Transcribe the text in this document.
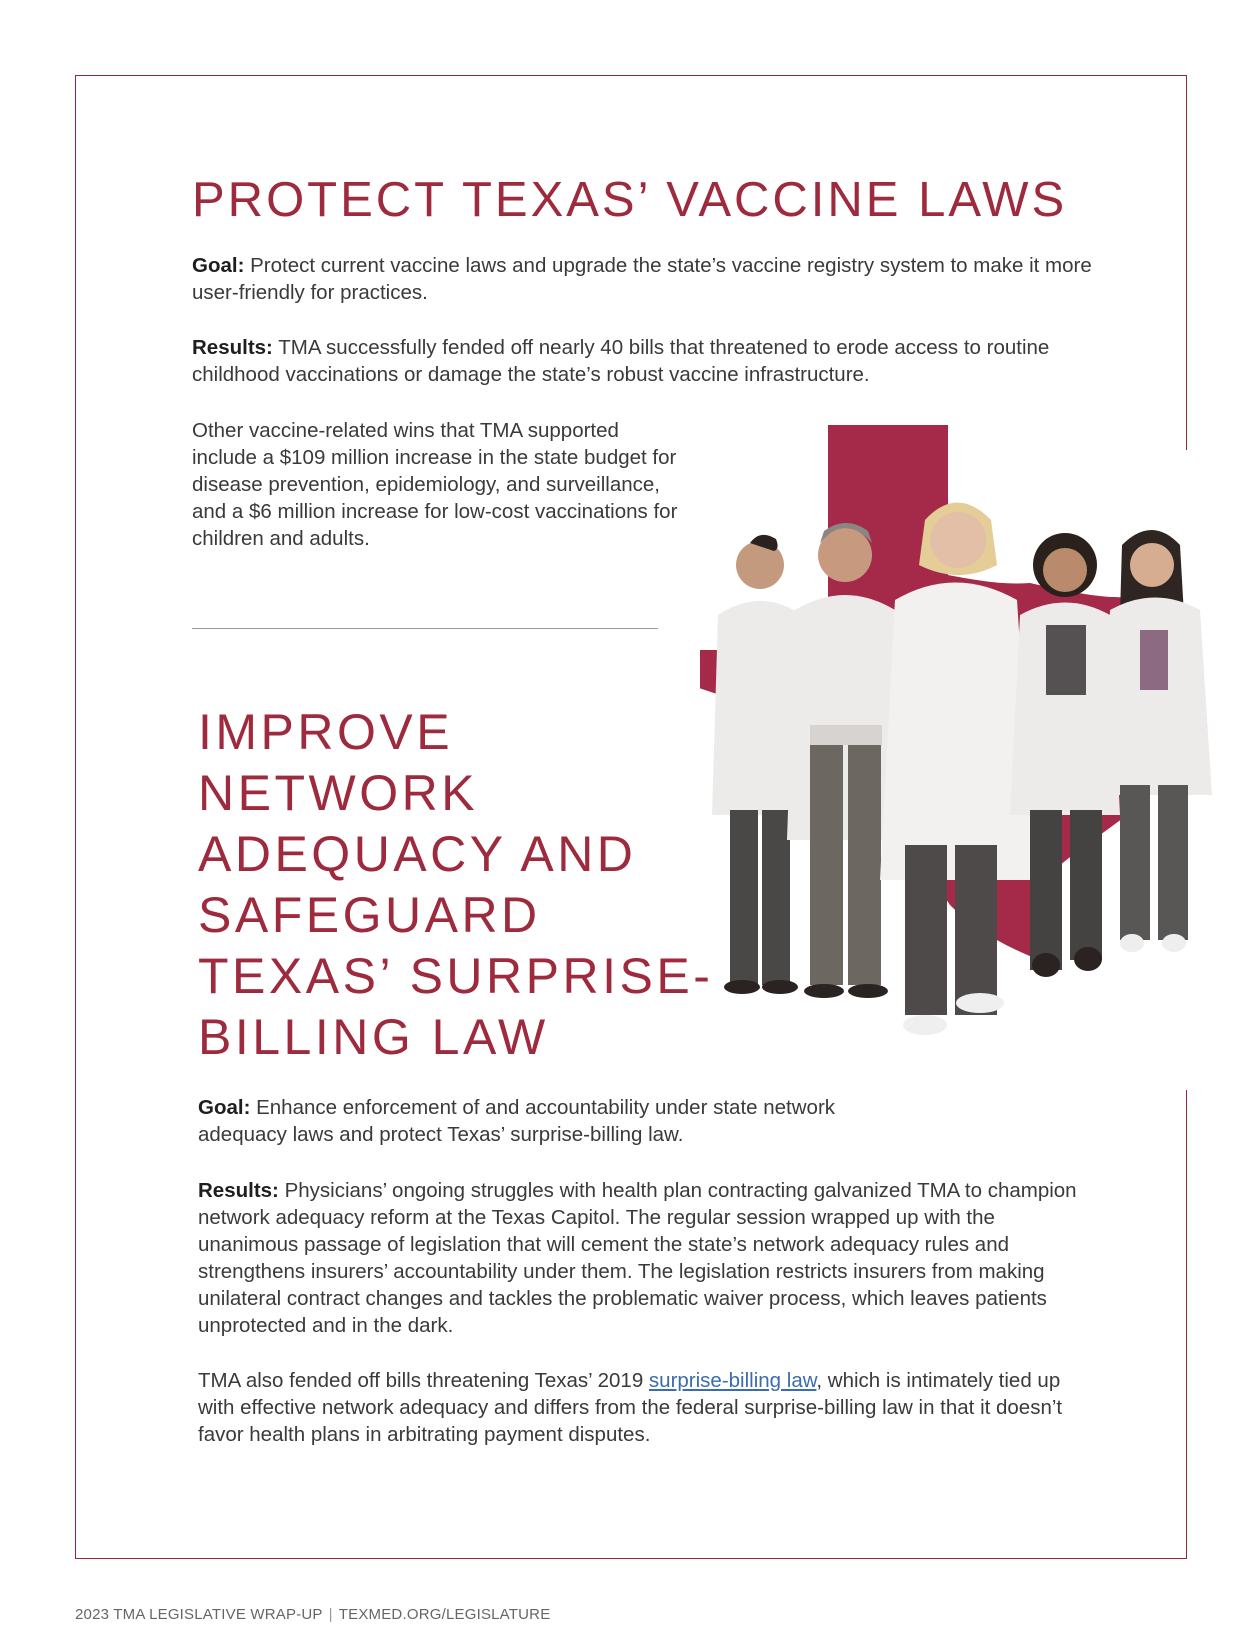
PROTECT TEXAS’ VACCINE LAWS

Goal: Protect current vaccine laws and upgrade the state’s vaccine registry system to make it more user-friendly for practices.

Results: TMA successfully fended off nearly 40 bills that threatened to erode access to routine childhood vaccinations or damage the state’s robust vaccine infrastructure.

Other vaccine-related wins that TMA supported include a $109 million increase in the state budget for disease prevention, epidemiology, and surveillance, and a $6 million increase for low-cost vaccinations for children and adults.

IMPROVE NETWORK ADEQUACY AND SAFEGUARD TEXAS’ SURPRISE-BILLING LAW

Goal: Enhance enforcement of and accountability under state network adequacy laws and protect Texas’ surprise-billing law.

Results: Physicians’ ongoing struggles with health plan contracting galvanized TMA to champion network adequacy reform at the Texas Capitol. The regular session wrapped up with the unanimous passage of legislation that will cement the state’s network adequacy rules and strengthens insurers’ accountability under them. The legislation restricts insurers from making unilateral contract changes and tackles the problematic waiver process, which leaves patients unprotected and in the dark.

TMA also fended off bills threatening Texas’ 2019 surprise-billing law, which is intimately tied up with effective network adequacy and differs from the federal surprise-billing law in that it doesn’t favor health plans in arbitrating payment disputes.

2023 TMA LEGISLATIVE WRAP-UP | TEXMED.ORG/LEGISLATURE
